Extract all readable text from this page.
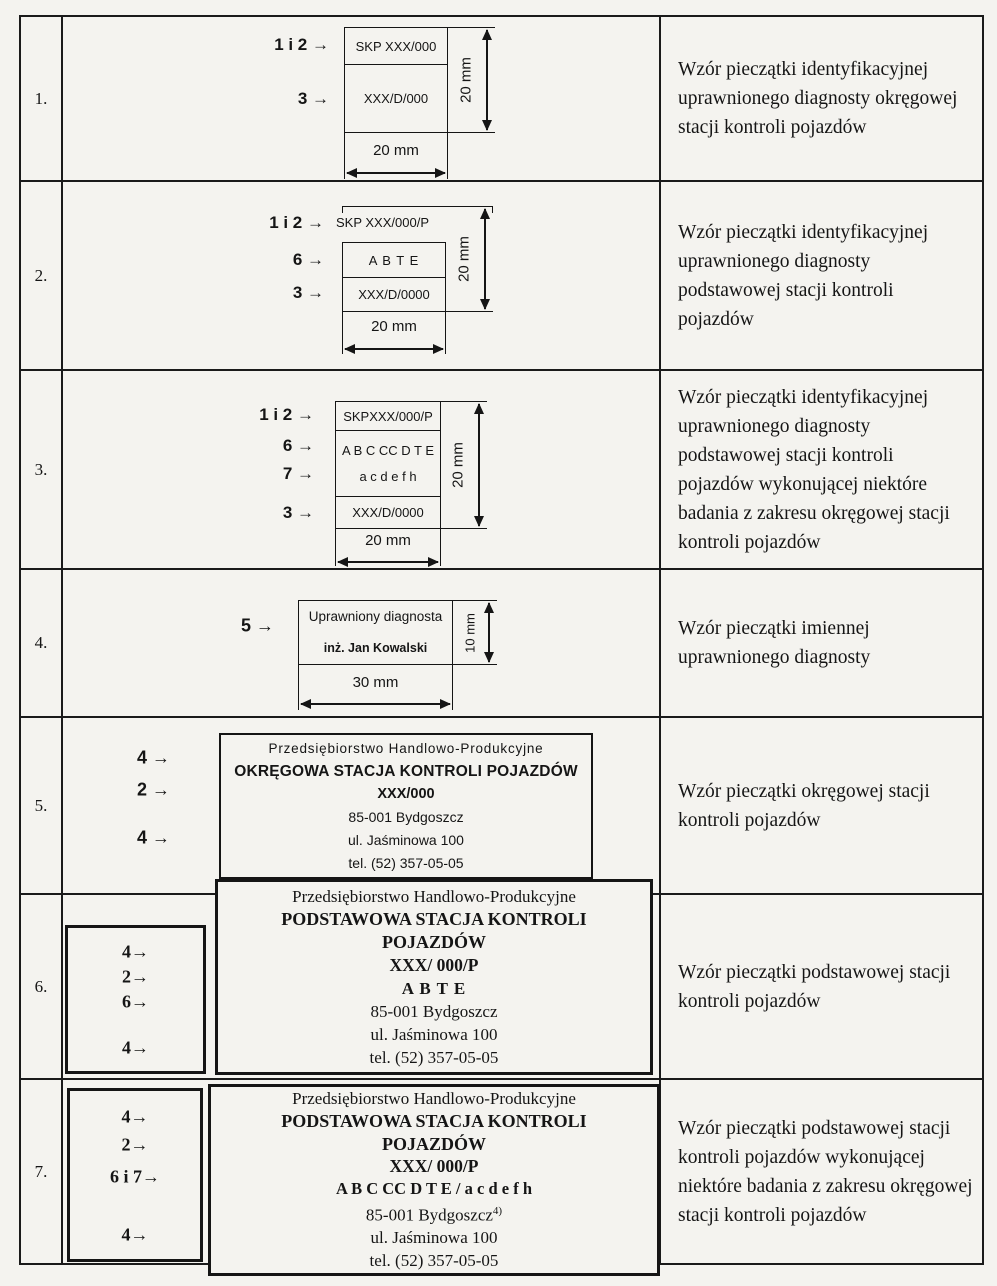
1.
1 i 2 →
3 →
SKP XXX/000
XXX/D/000	20 mm
20 mm
Wzór pieczątki identyfikacyjnej uprawnionego diagnosty okręgowej stacji kontroli pojazdów
2.
1 i 2 →
6 →
3 →
SKP XXX/000/P
A B T E
XXX/D/0000
20 mm
20 mm
Wzór pieczątki identyfikacyjnej uprawnionego diagnosty podstawowej stacji kontroli pojazdów
3.
1 i 2 →
6 →
7 →
3 →
SKPXXX/000/P
A B C CC D T E
a c d e f h
XXX/D/0000
20 mm
20 mm
Wzór pieczątki identyfikacyjnej uprawnionego diagnosty podstawowej stacji kontroli pojazdów wykonującej niektóre badania z zakresu okręgowej stacji kontroli pojazdów
4.
5 →	Uprawniony diagnosta
inż. Jan Kowalski	10 mm
30 mm
Wzór pieczątki imiennej uprawnionego diagnosty
5.
4 →
2 →
4 →
Przedsiębiorstwo Handlowo-Produkcyjne
OKRĘGOWA STACJA KONTROLI POJAZDÓW
XXX/000
85-001 Bydgoszcz
ul. Jaśminowa 100
tel. (52) 357-05-05
Wzór pieczątki okręgowej stacji kontroli pojazdów
6.
4→
2→
6→
4→
Przedsiębiorstwo Handlowo-Produkcyjne
PODSTAWOWA STACJA KONTROLI
POJAZDÓW
XXX/ 000/P
A B T E
85-001 Bydgoszcz
ul. Jaśminowa 100
tel. (52) 357-05-05
Wzór pieczątki podstawowej stacji kontroli pojazdów
7.
4→
2→
6 i 7→
4→
Przedsiębiorstwo Handlowo-Produkcyjne
PODSTAWOWA STACJA KONTROLI
POJAZDÓW
XXX/ 000/P
A B C CC D T E / a c d e f h
85-001 Bydgoszcz$^{4)}$
ul. Jaśminowa 100
tel. (52) 357-05-05
Wzór pieczątki podstawowej stacji kontroli pojazdów wykonującej niektóre badania z zakresu okręgowej stacji kontroli pojazdów
